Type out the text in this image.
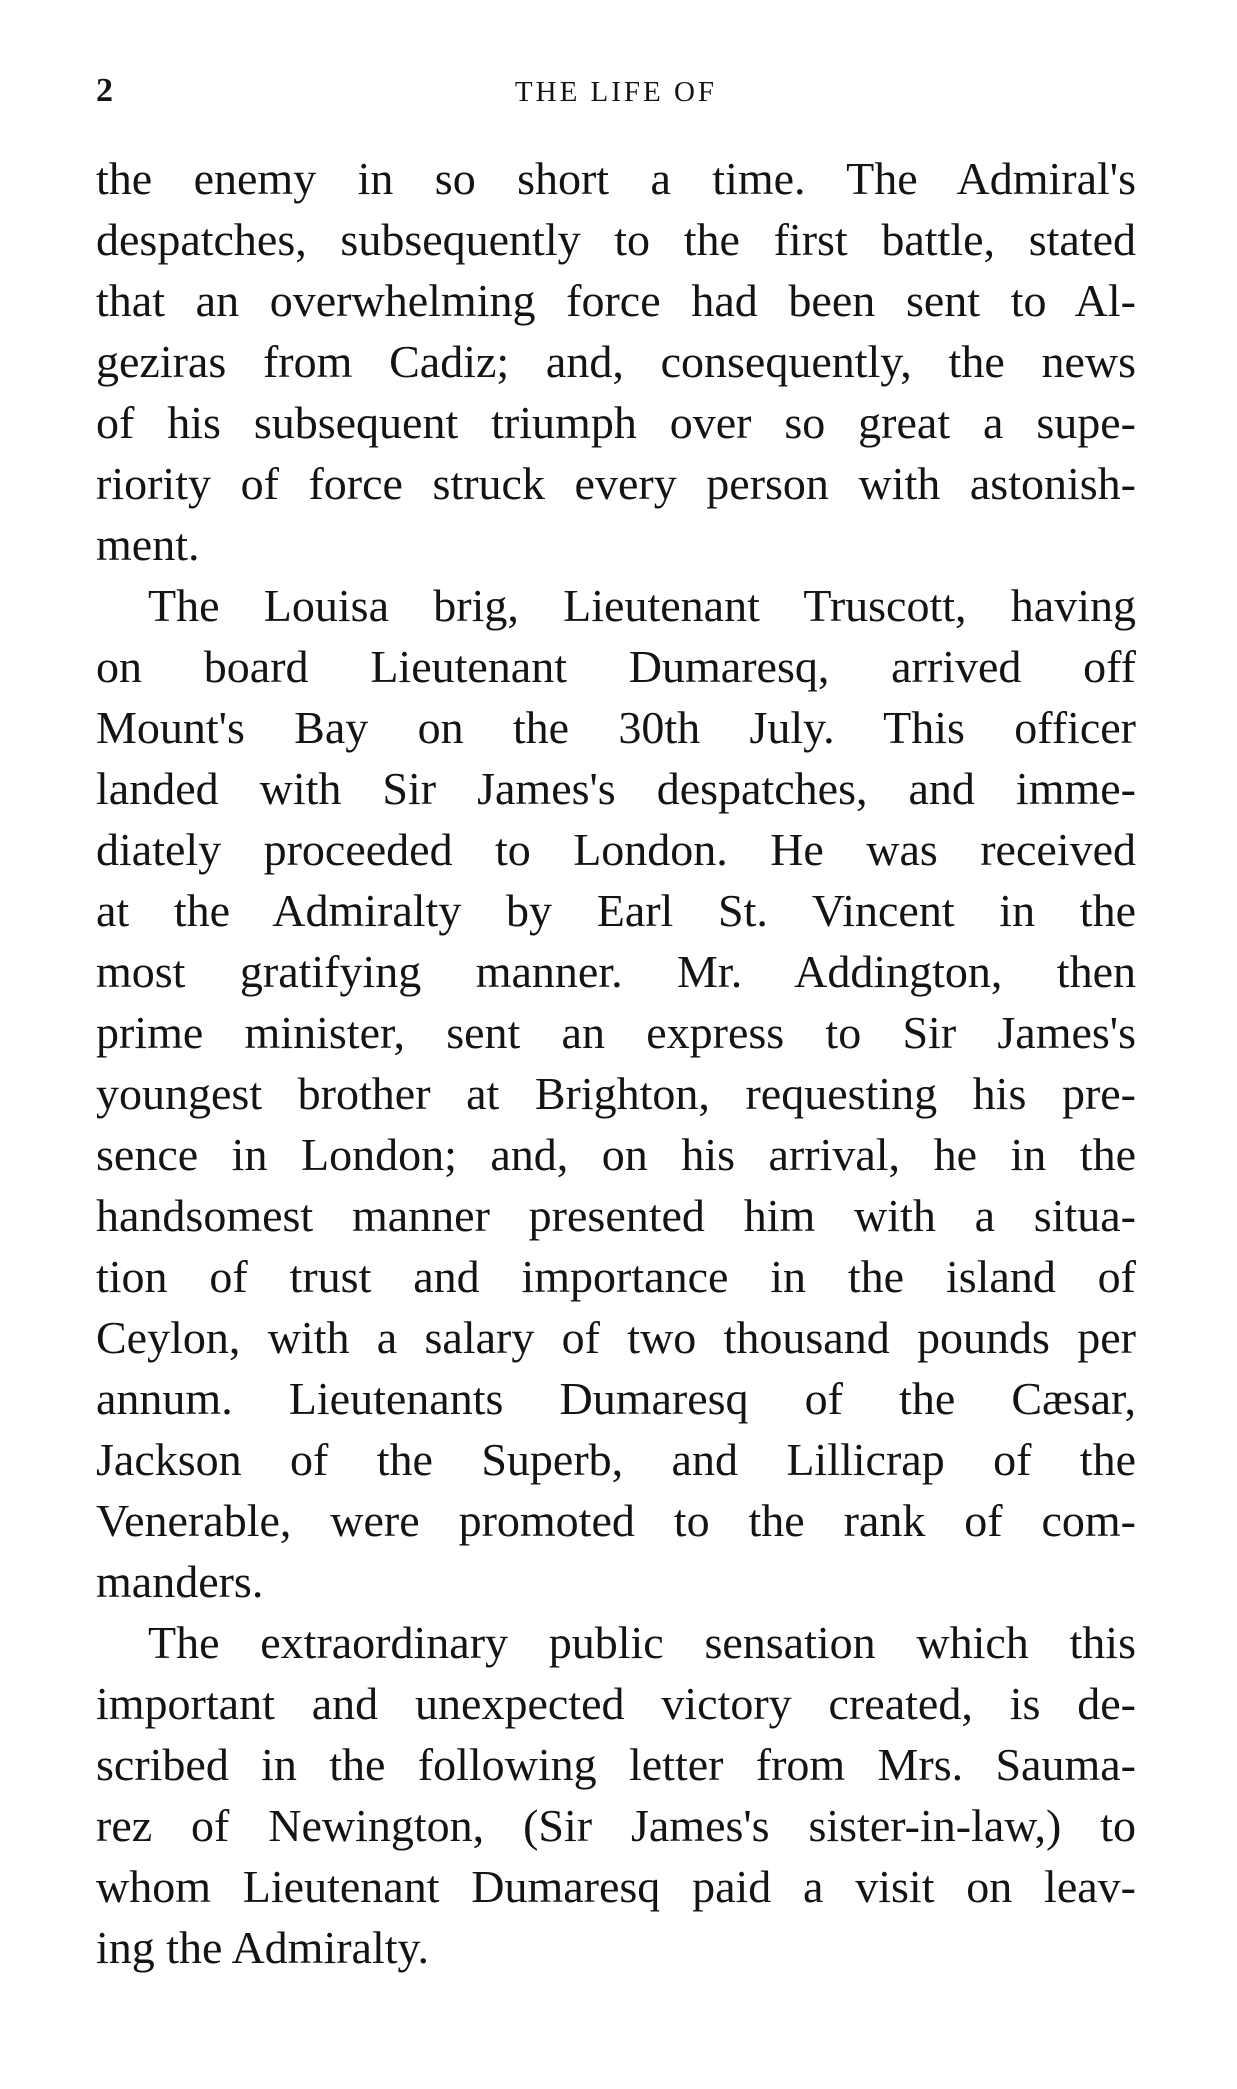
2	THE LIFE OF
the enemy in so short a time. The Admiral's
despatches, subsequently to the first battle, stated
that an overwhelming force had been sent to Al-
geziras from Cadiz; and, consequently, the news
of his subsequent triumph over so great a supe-
riority of force struck every person with astonish-
ment.
The Louisa brig, Lieutenant Truscott, having
on board Lieutenant Dumaresq, arrived off
Mount's Bay on the 30th July. This officer
landed with Sir James's despatches, and imme-
diately proceeded to London. He was received
at the Admiralty by Earl St. Vincent in the
most gratifying manner. Mr. Addington, then
prime minister, sent an express to Sir James's
youngest brother at Brighton, requesting his pre-
sence in London; and, on his arrival, he in the
handsomest manner presented him with a situa-
tion of trust and importance in the island of
Ceylon, with a salary of two thousand pounds per
annum. Lieutenants Dumaresq of the Cæsar,
Jackson of the Superb, and Lillicrap of the
Venerable, were promoted to the rank of com-
manders.
The extraordinary public sensation which this
important and unexpected victory created, is de-
scribed in the following letter from Mrs. Sauma-
rez of Newington, (Sir James's sister-in-law,) to
whom Lieutenant Dumaresq paid a visit on leav-
ing the Admiralty.
